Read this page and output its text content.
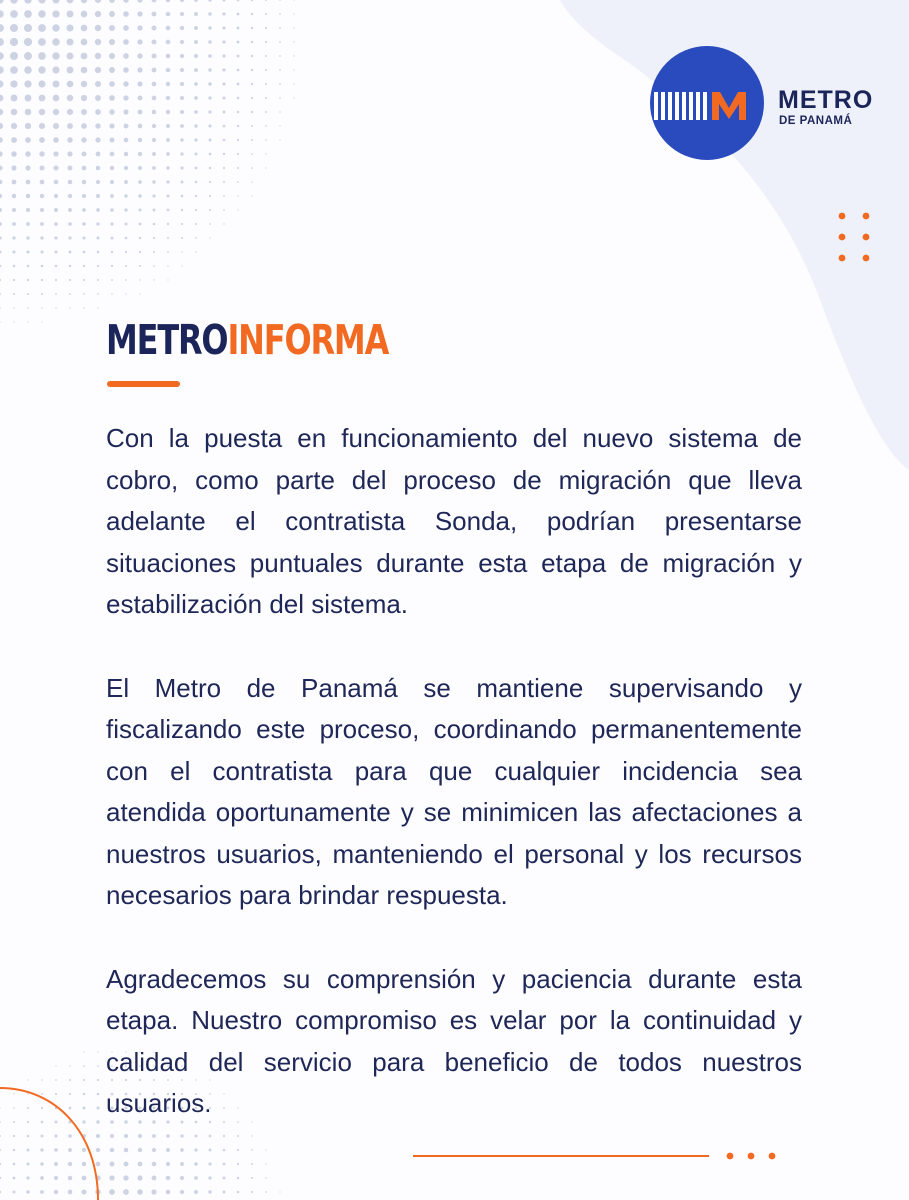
METRO
DE PANAMÁ
METROINFORMA

Con la puesta en funcionamiento del nuevo sistema de cobro, como parte del proceso de migración que lleva adelante el contratista Sonda, podrían presentarse situaciones puntuales durante esta etapa de migración y estabilización del sistema.

El Metro de Panamá se mantiene supervisando y fiscalizando este proceso, coordinando permanentemente con el contratista para que cualquier incidencia sea atendida oportunamente y se minimicen las afectaciones a nuestros usuarios, manteniendo el personal y los recursos necesarios para brindar respuesta.

Agradecemos su comprensión y paciencia durante esta etapa. Nuestro compromiso es velar por la continuidad y calidad del servicio para beneficio de todos nuestros usuarios.
